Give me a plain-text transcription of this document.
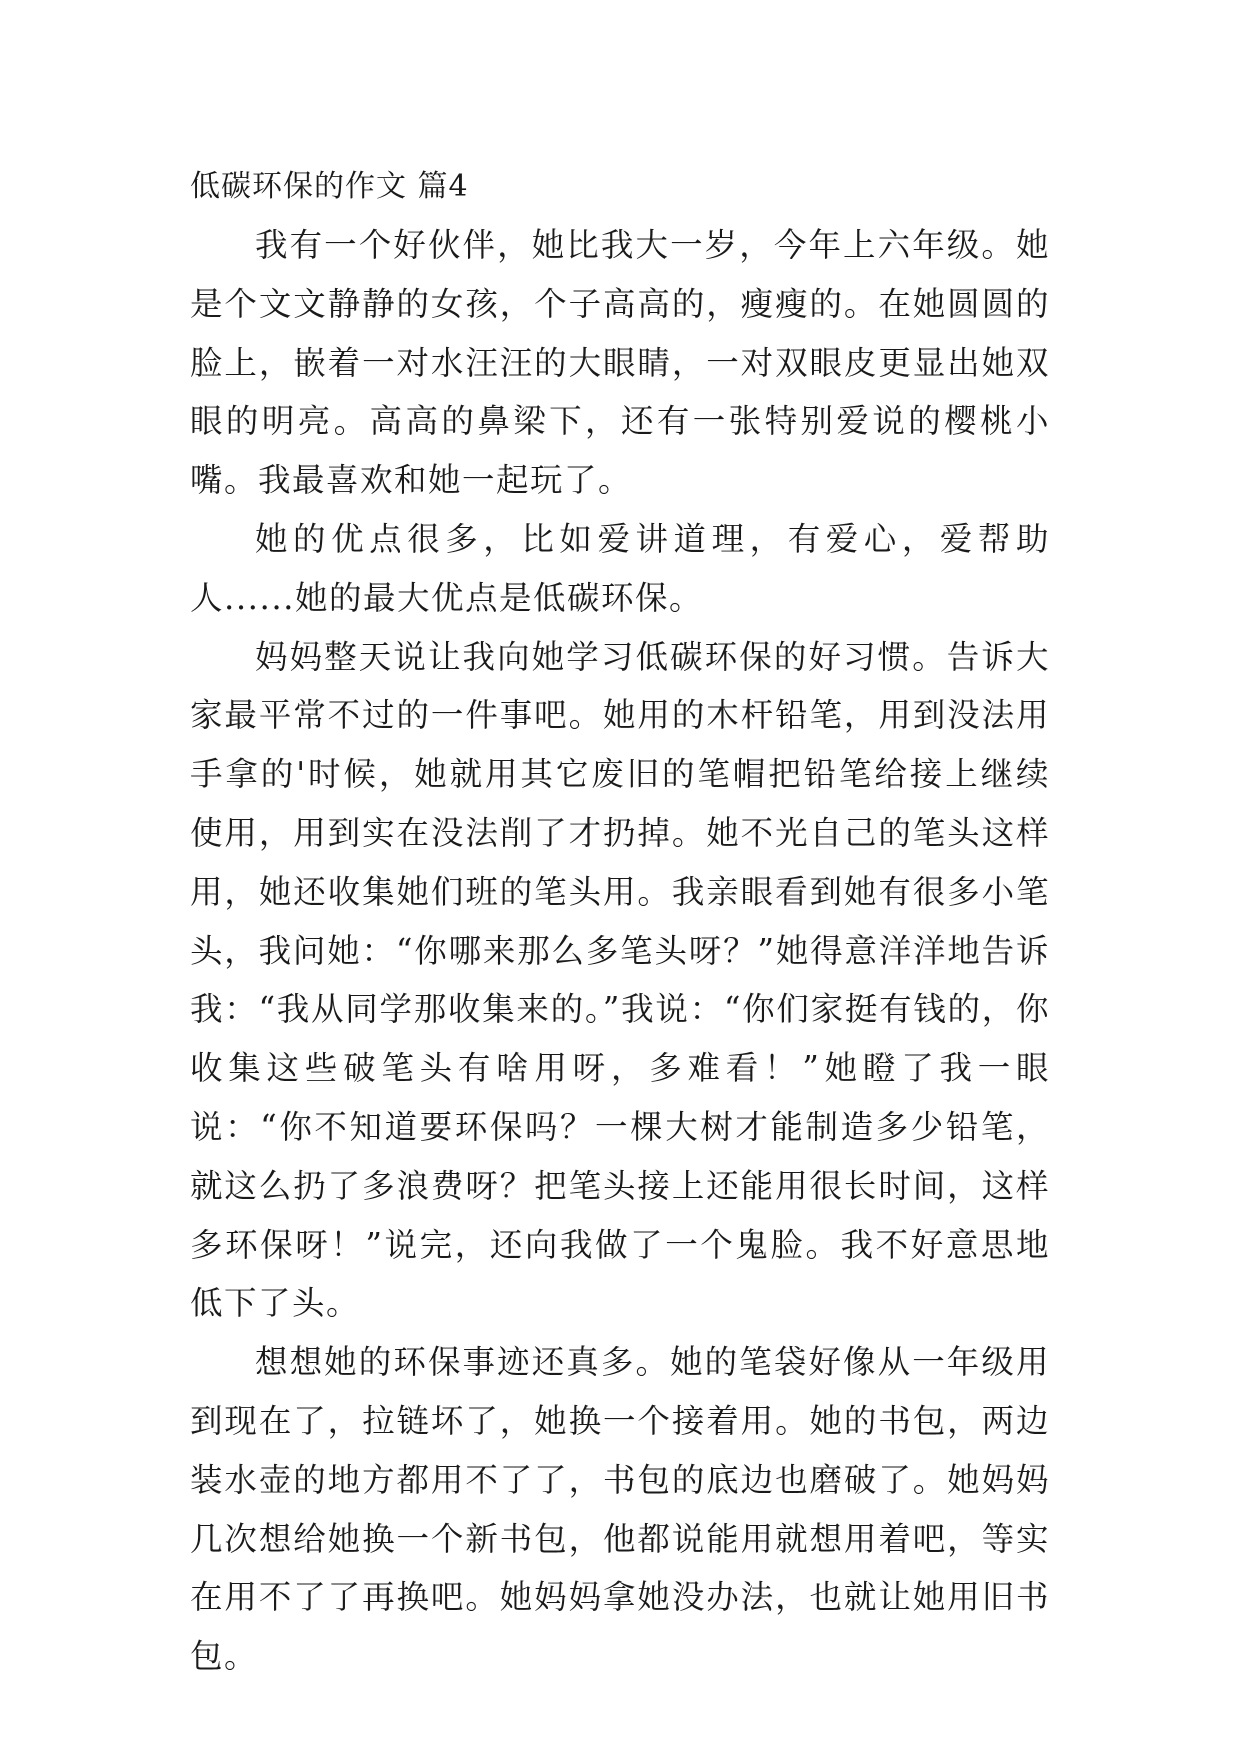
低碳环保的作文 篇4

我有一个好伙伴，她比我大一岁，今年上六年级。她是个文文静静的女孩，个子高高的，瘦瘦的。在她圆圆的脸上，嵌着一对水汪汪的大眼睛，一对双眼皮更显出她双眼的明亮。高高的鼻梁下，还有一张特别爱说的樱桃小嘴。我最喜欢和她一起玩了。

她的优点很多，比如爱讲道理，有爱心，爱帮助人......她的最大优点是低碳环保。

妈妈整天说让我向她学习低碳环保的好习惯。告诉大家最平常不过的一件事吧。她用的木杆铅笔，用到没法用手拿的'时候，她就用其它废旧的笔帽把铅笔给接上继续使用，用到实在没法削了才扔掉。她不光自己的笔头这样用，她还收集她们班的笔头用。我亲眼看到她有很多小笔头，我问她：“你哪来那么多笔头呀？”她得意洋洋地告诉我：“我从同学那收集来的。”我说：“你们家挺有钱的，你收集这些破笔头有啥用呀，多难看！”她瞪了我一眼说：“你不知道要环保吗？一棵大树才能制造多少铅笔，就这么扔了多浪费呀？把笔头接上还能用很长时间，这样多环保呀！”说完，还向我做了一个鬼脸。我不好意思地低下了头。

想想她的环保事迹还真多。她的笔袋好像从一年级用到现在了，拉链坏了，她换一个接着用。她的书包，两边装水壶的地方都用不了了，书包的底边也磨破了。她妈妈几次想给她换一个新书包，他都说能用就想用着吧，等实在用不了了再换吧。她妈妈拿她没办法，也就让她用旧书包。
